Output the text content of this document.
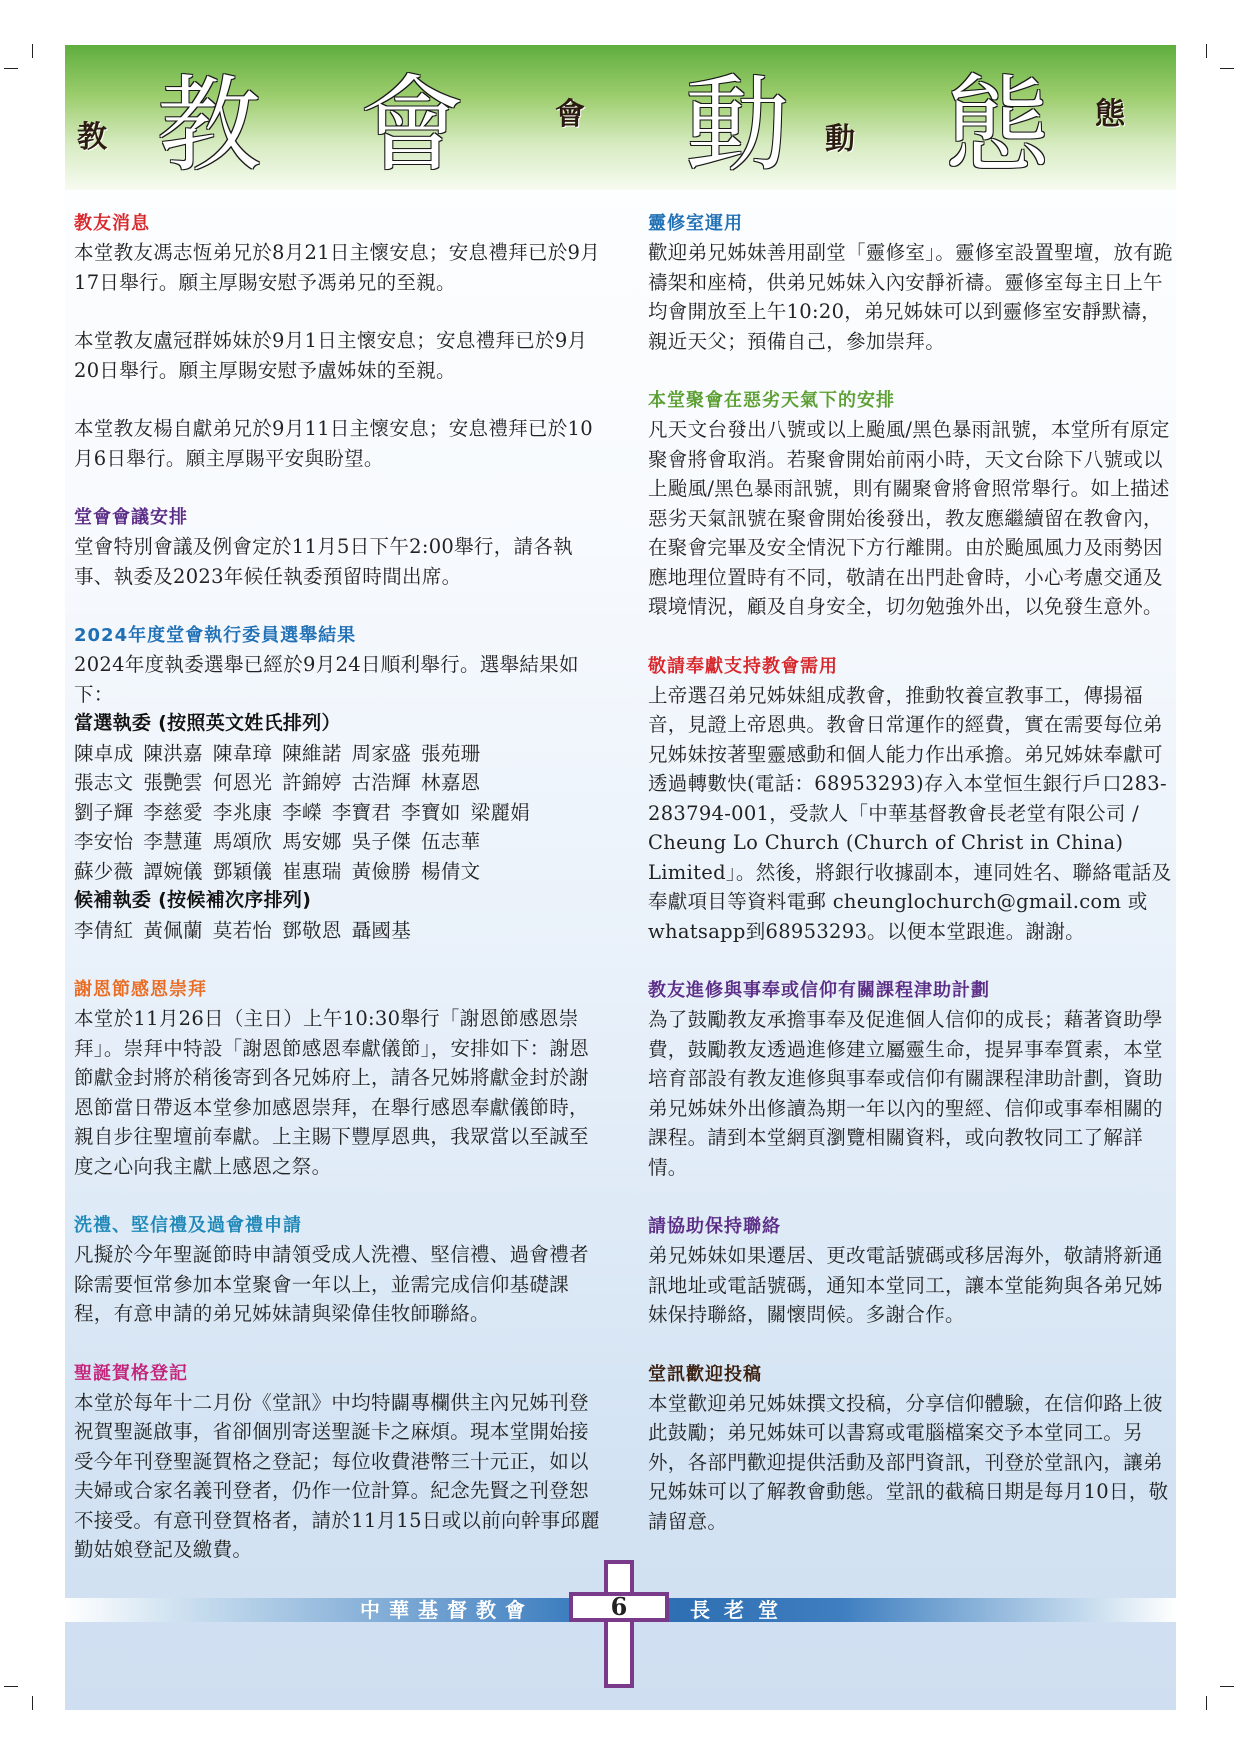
教 教 會	會 動 動 態 態
教友消息

本堂教友馮志恆弟兄於8月21日主懷安息；安息禮拜已於9月17日舉行。願主厚賜安慰予馮弟兄的至親。

本堂教友盧冠群姊妹於9月1日主懷安息；安息禮拜已於9月20日舉行。願主厚賜安慰予盧姊妹的至親。

本堂教友楊自獻弟兄於9月11日主懷安息；安息禮拜已於10月6日舉行。願主厚賜平安與盼望。

堂會會議安排

堂會特別會議及例會定於11月5日下午2:00舉行，請各執事、執委及2023年候任執委預留時間出席。

2024年度堂會執行委員選舉結果

2024年度執委選舉已經於9月24日順利舉行。選舉結果如下：

當選執委 (按照英文姓氏排列）
陳卓成 陳洪嘉 陳韋璋 陳維諾 周家盛 張苑珊
張志文 張艷雲 何恩光 許錦婷 古浩輝 林嘉恩
劉子輝 李慈愛 李兆康 李嶸 李寶君 李寶如 梁麗娟
李安怡 李慧蓮 馬頌欣 馬安娜 吳子傑 伍志華
蘇少薇 譚婉儀 鄧穎儀 崔惠瑞 黃儉勝 楊倩文
候補執委 (按候補次序排列)
李倩紅 黃佩蘭 莫若怡 鄧敬恩 聶國基
謝恩節感恩崇拜

本堂於11月26日（主日）上午10:30舉行「謝恩節感恩崇拜」。崇拜中特設「謝恩節感恩奉獻儀節」，安排如下：謝恩節獻金封將於稍後寄到各兄姊府上，請各兄姊將獻金封於謝恩節當日帶返本堂參加感恩崇拜，在舉行感恩奉獻儀節時，親自步往聖壇前奉獻。上主賜下豐厚恩典，我眾當以至誠至度之心向我主獻上感恩之祭。

洗禮、堅信禮及過會禮申請

凡擬於今年聖誕節時申請領受成人洗禮、堅信禮、過會禮者除需要恒常參加本堂聚會一年以上，並需完成信仰基礎課程，有意申請的弟兄姊妹請與梁偉佳牧師聯絡。

聖誕賀格登記

本堂於每年十二月份《堂訊》中均特闢專欄供主內兄姊刊登祝賀聖誕啟事，省卻個別寄送聖誕卡之麻煩。現本堂開始接受今年刊登聖誕賀格之登記；每位收費港幣三十元正，如以夫婦或合家名義刊登者，仍作一位計算。紀念先賢之刊登恕不接受。有意刊登賀格者，請於11月15日或以前向幹事邱麗勤姑娘登記及繳費。

靈修室運用

歡迎弟兄姊妹善用副堂「靈修室」。靈修室設置聖壇，放有跪禱架和座椅，供弟兄姊妹入內安靜祈禱。靈修室每主日上午均會開放至上午10:20，弟兄姊妹可以到靈修室安靜默禱，親近天父；預備自己，參加崇拜。

本堂聚會在惡劣天氣下的安排

凡天文台發出八號或以上颱風/黑色暴雨訊號，本堂所有原定聚會將會取消。若聚會開始前兩小時，天文台除下八號或以上颱風/黑色暴雨訊號，則有關聚會將會照常舉行。如上描述惡劣天氣訊號在聚會開始後發出，教友應繼續留在教會內，在聚會完畢及安全情況下方行離開。由於颱風風力及雨勢因應地理位置時有不同，敬請在出門赴會時，小心考慮交通及環境情況，顧及自身安全，切勿勉強外出，以免發生意外。

敬請奉獻支持教會需用

上帝選召弟兄姊妹組成教會，推動牧養宣教事工，傳揚福音，見證上帝恩典。教會日常運作的經費，實在需要每位弟兄姊妹按著聖靈感動和個人能力作出承擔。弟兄姊妹奉獻可透過轉數快(電話：68953293)存入本堂恒生銀行戶口283-283794-001，受款人「中華基督教會長老堂有限公司 / Cheung Lo Church (Church of Christ in China) Limited」。然後，將銀行收據副本，連同姓名、聯絡電話及奉獻項目等資料電郵 cheunglochurch@gmail.com 或 whatsapp到68953293。以便本堂跟進。謝謝。

教友進修與事奉或信仰有關課程津助計劃

為了鼓勵教友承擔事奉及促進個人信仰的成長；藉著資助學費，鼓勵教友透過進修建立屬靈生命，提昇事奉質素，本堂培育部設有教友進修與事奉或信仰有關課程津助計劃，資助弟兄姊妹外出修讀為期一年以內的聖經、信仰或事奉相關的課程。請到本堂網頁瀏覽相關資料，或向教牧同工了解詳情。

請協助保持聯絡

弟兄姊妹如果遷居、更改電話號碼或移居海外，敬請將新通訊地址或電話號碼，通知本堂同工，讓本堂能夠與各弟兄姊妹保持聯絡，關懷問候。多謝合作。

堂訊歡迎投稿

本堂歡迎弟兄姊妹撰文投稿，分享信仰體驗，在信仰路上彼此鼓勵；弟兄姊妹可以書寫或電腦檔案交予本堂同工。另外，各部門歡迎提供活動及部門資訊，刊登於堂訊內，讓弟兄姊妹可以了解教會動態。堂訊的截稿日期是每月10日，敬請留意。

中華基督教會	長老堂
6
